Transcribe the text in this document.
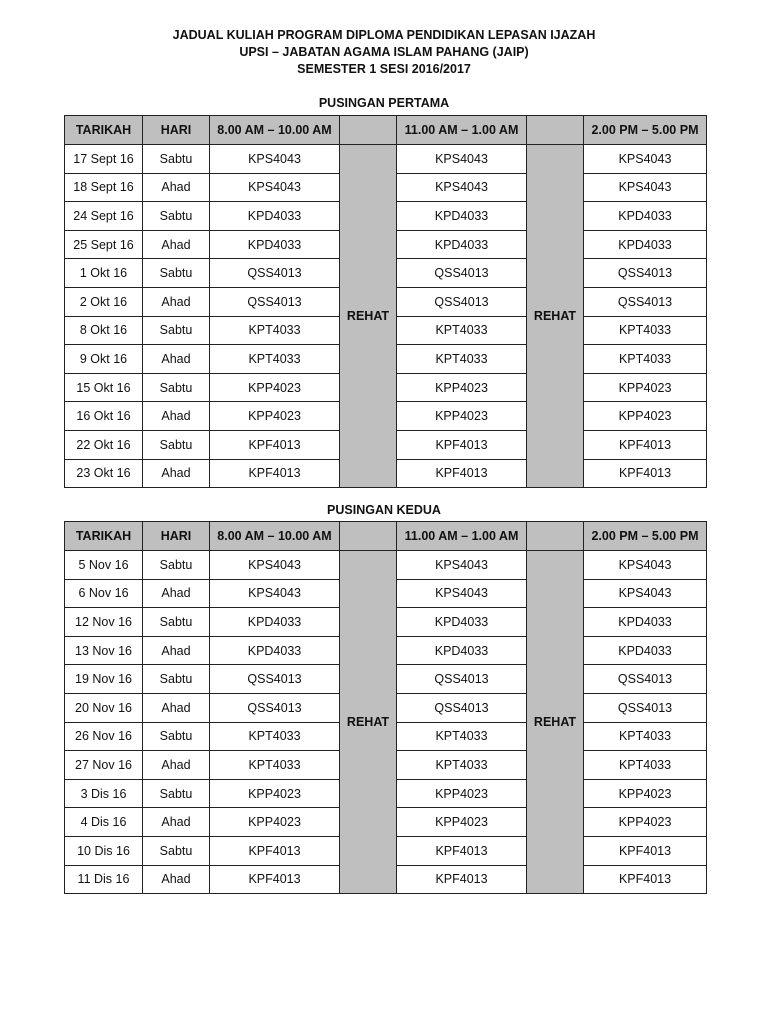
JADUAL KULIAH PROGRAM DIPLOMA PENDIDIKAN LEPASAN IJAZAH
UPSI – JABATAN AGAMA ISLAM PAHANG (JAIP)
SEMESTER 1 SESI 2016/2017
PUSINGAN PERTAMA
TARIKAH	HARI	8.00 AM – 10.00 AM		11.00 AM – 1.00 AM		2.00 PM – 5.00 PM
17 Sept 16	Sabtu	KPS4043	REHAT	KPS4043	REHAT	KPS4043
18 Sept 16	Ahad	KPS4043		KPS4043		KPS4043
24 Sept 16	Sabtu	KPD4033		KPD4033		KPD4033
25 Sept 16	Ahad	KPD4033		KPD4033		KPD4033
1 Okt 16	Sabtu	QSS4013		QSS4013		QSS4013
2 Okt 16	Ahad	QSS4013		QSS4013		QSS4013
8 Okt 16	Sabtu	KPT4033		KPT4033		KPT4033
9 Okt 16	Ahad	KPT4033		KPT4033		KPT4033
15 Okt 16	Sabtu	KPP4023		KPP4023		KPP4023
16 Okt 16	Ahad	KPP4023		KPP4023		KPP4023
22 Okt 16	Sabtu	KPF4013		KPF4013		KPF4013
23 Okt 16	Ahad	KPF4013		KPF4013		KPF4013
PUSINGAN KEDUA
TARIKAH	HARI	8.00 AM – 10.00 AM		11.00 AM – 1.00 AM		2.00 PM – 5.00 PM
5 Nov 16	Sabtu	KPS4043	REHAT	KPS4043	REHAT	KPS4043
6 Nov 16	Ahad	KPS4043		KPS4043		KPS4043
12 Nov 16	Sabtu	KPD4033		KPD4033		KPD4033
13 Nov 16	Ahad	KPD4033		KPD4033		KPD4033
19 Nov 16	Sabtu	QSS4013		QSS4013		QSS4013
20 Nov 16	Ahad	QSS4013		QSS4013		QSS4013
26 Nov 16	Sabtu	KPT4033		KPT4033		KPT4033
27 Nov 16	Ahad	KPT4033		KPT4033		KPT4033
3 Dis 16	Sabtu	KPP4023		KPP4023		KPP4023
4 Dis 16	Ahad	KPP4023		KPP4023		KPP4023
10 Dis 16	Sabtu	KPF4013		KPF4013		KPF4013
11 Dis 16	Ahad	KPF4013		KPF4013		KPF4013
